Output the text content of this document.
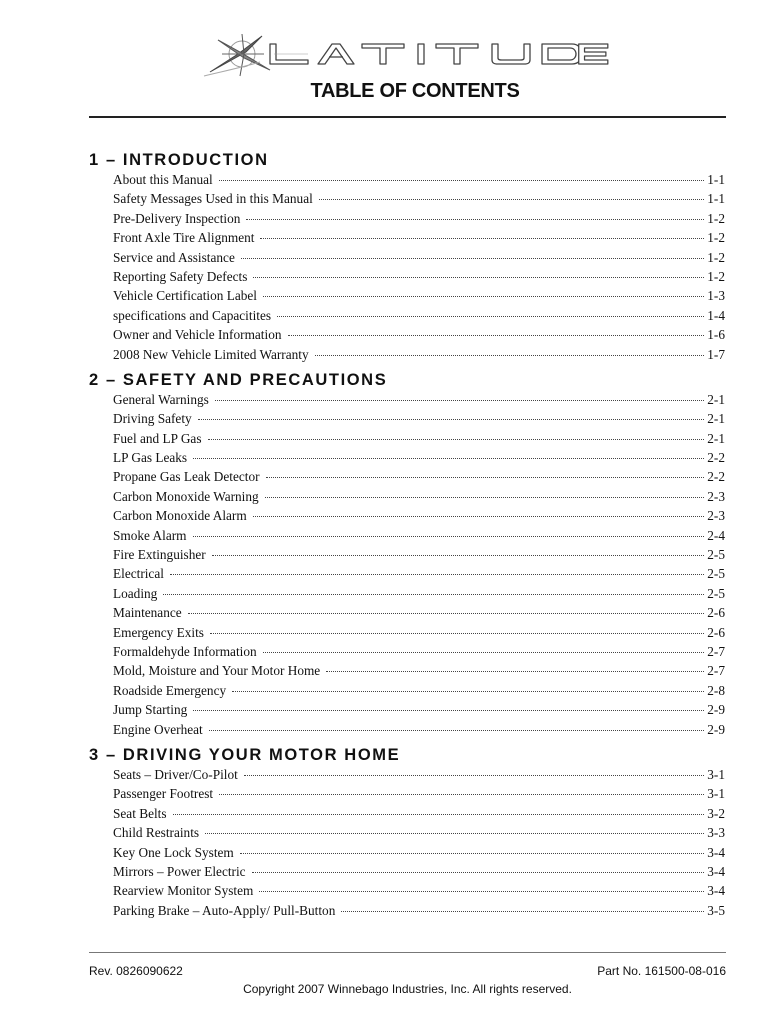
TABLE OF CONTENTS
1 – INTRODUCTION
About this Manual	1-1
Safety Messages Used in this Manual	1-1
Pre-Delivery Inspection	1-2
Front Axle Tire Alignment	1-2
Service and Assistance	1-2
Reporting Safety Defects	1-2
Vehicle Certification Label	1-3
specifications and Capacitites	1-4
Owner and Vehicle Information	1-6
2008 New Vehicle Limited Warranty	1-7
2 – SAFETY AND PRECAUTIONS
General Warnings	2-1
Driving Safety	2-1
Fuel and LP Gas	2-1
LP Gas Leaks	2-2
Propane Gas Leak Detector	2-2
Carbon Monoxide Warning	2-3
Carbon Monoxide Alarm	2-3
Smoke Alarm	2-4
Fire Extinguisher	2-5
Electrical	2-5
Loading	2-5
Maintenance	2-6
Emergency Exits	2-6
Formaldehyde Information	2-7
Mold, Moisture and Your Motor Home	2-7
Roadside Emergency	2-8
Jump Starting	2-9
Engine Overheat	2-9
3 – DRIVING YOUR MOTOR HOME
Seats – Driver/Co-Pilot	3-1
Passenger Footrest	3-1
Seat Belts	3-2
Child Restraints	3-3
Key One Lock System	3-4
Mirrors – Power Electric	3-4
Rearview Monitor System	3-4
Parking Brake – Auto-Apply/ Pull-Button	3-5
Rev. 0826090622	Part No. 161500-08-016
Copyright 2007 Winnebago Industries, Inc. All rights reserved.
